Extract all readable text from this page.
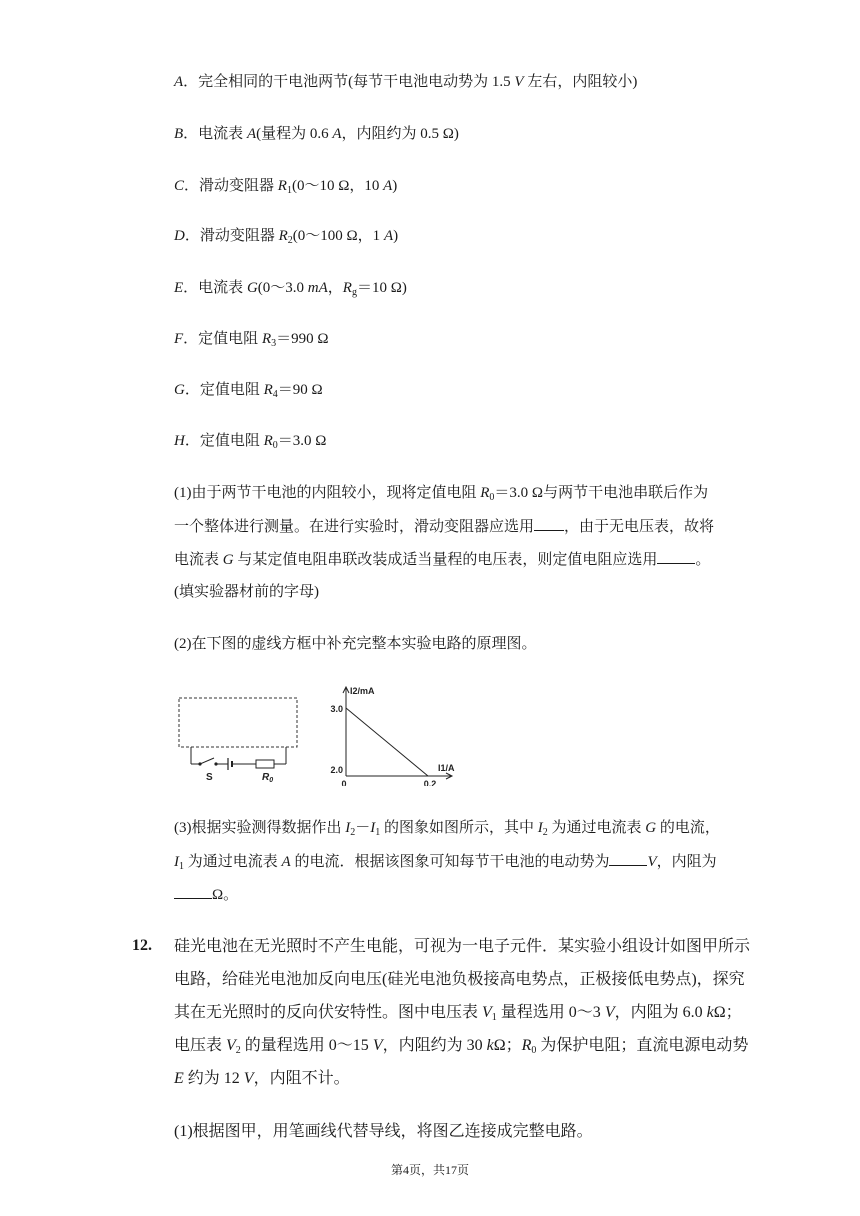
A．完全相同的干电池两节(每节干电池电动势为 1.5 V 左右，内阻较小)
B．电流表 A(量程为 0.6 A，内阻约为 0.5 Ω)
C．滑动变阻器 $R_1(0\sim 10$ Ω，10 A)
D．滑动变阻器 $R_2(0\sim 100$ Ω，1 A)
E．电流表 G(0～3.0 mA，$R_g=10$ Ω)
F．定值电阻 $R_3=990$ Ω
G．定值电阻 $R_4=90$ Ω
H．定值电阻 $R_0=3.0$ Ω
(1)由于两节干电池的内阻较小，现将定值电阻 $R_0=3.0$ Ω与两节干电池串联后作为
一个整体进行测量。在进行实验时，滑动变阻器应选用 ，由于无电压表，故将
电流表 G 与某定值电阻串联改装成适当量程的电压表，则定值电阻应选用	。
(填实验器材前的字母)
(2)在下图的虚线方框中补充完整本实验电路的原理图。
S	$R_0$
3.0
2.0
0	0.2
I2/mA
I1/A
(3)根据实验测得数据作出 $I_2-I_1$ 的图象如图所示，其中 $I_2$ 为通过电流表 G 的电流，
$I_1$ 为通过电流表 A 的电流．根据该图象可知每节干电池的电动势为	V，内阻为
Ω。
12. 硅光电池在无光照时不产生电能，可视为一电子元件．某实验小组设计如图甲所示
电路，给硅光电池加反向电压(硅光电池负极接高电势点，正极接低电势点)，探究
其在无光照时的反向伏安特性。图中电压表 $V_1$ 量程选用 0～3 V，内阻为 6.0 kΩ；
电压表 $V_2$ 的量程选用 0～15 V，内阻约为 30 kΩ；$R_0$ 为保护电阻；直流电源电动势
E 约为 12 V，内阻不计。
(1)根据图甲，用笔画线代替导线，将图乙连接成完整电路。
第4页，共17页
